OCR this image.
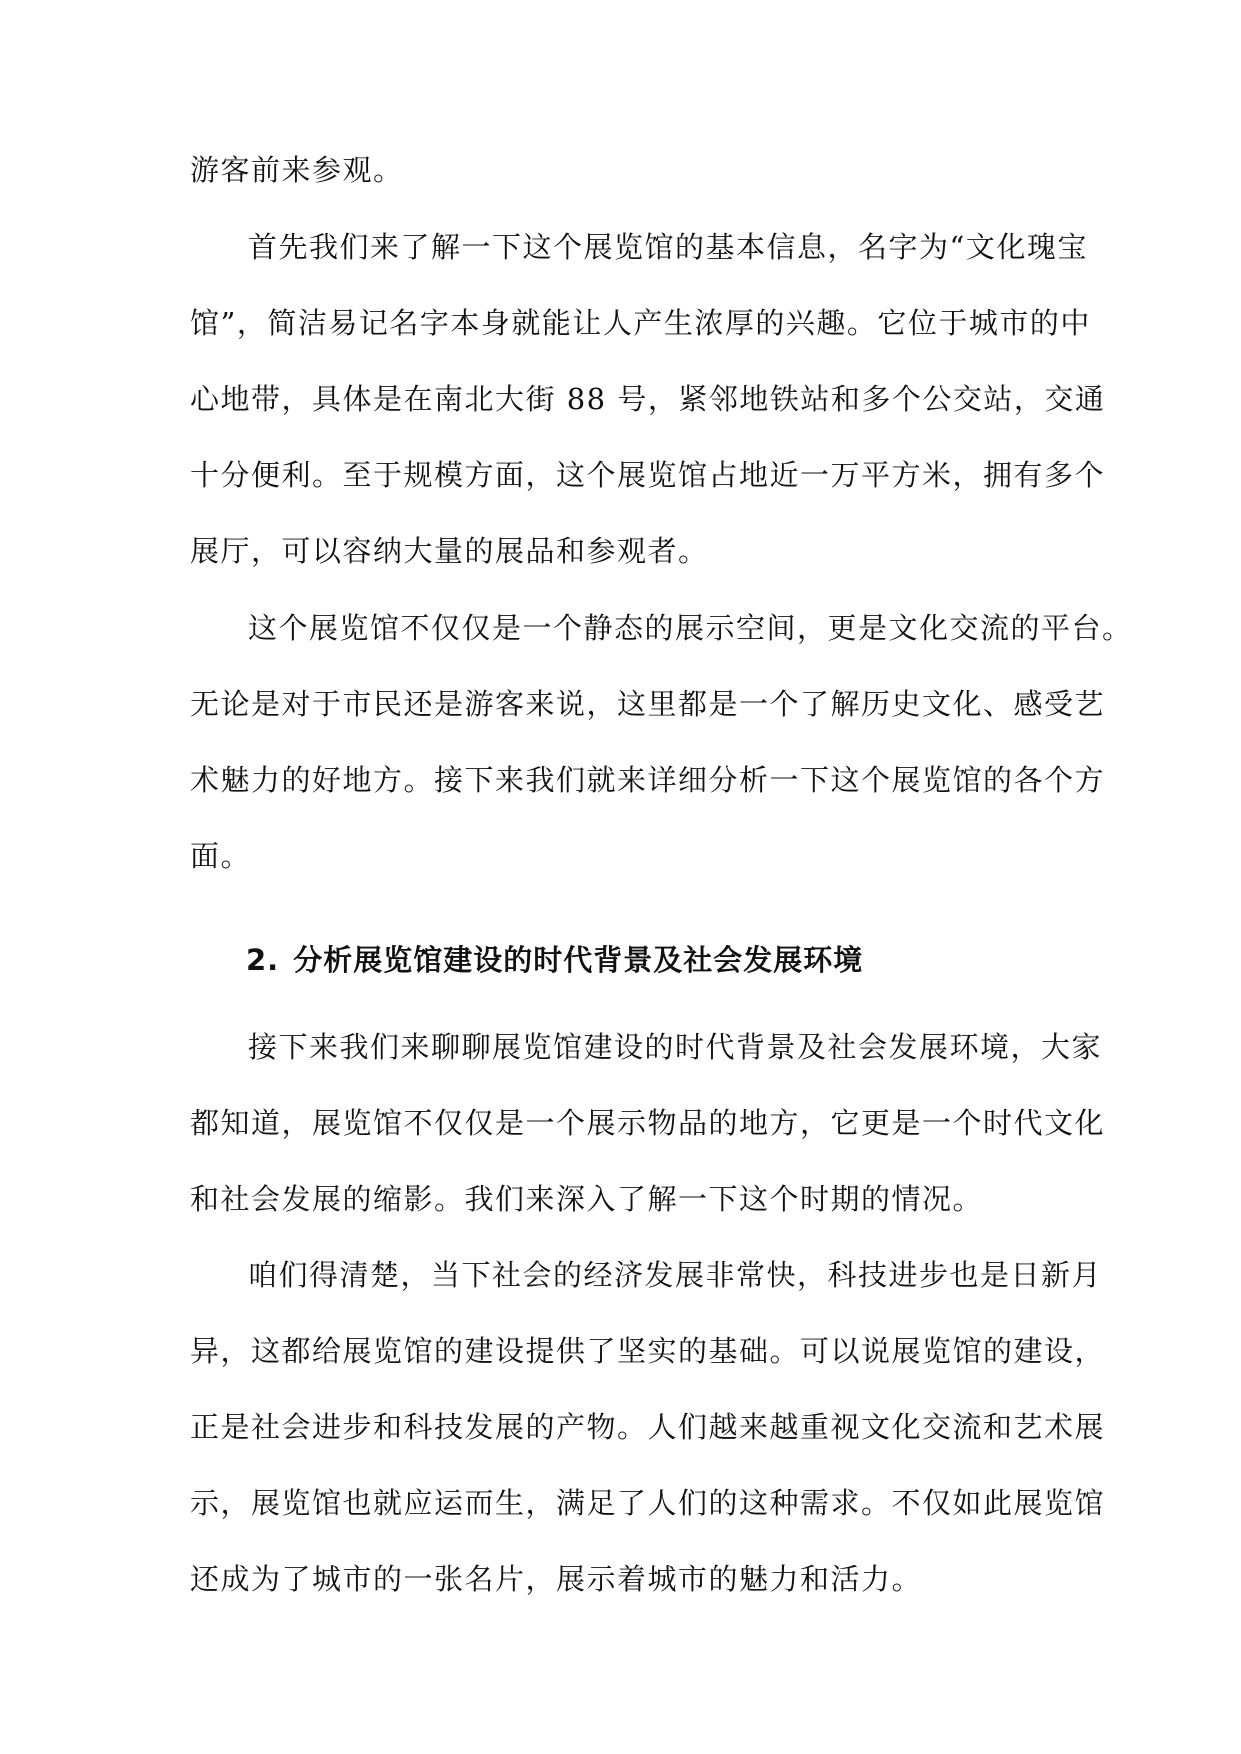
游客前来参观。
首先我们来了解一下这个展览馆的基本信息，名字为“文化瑰宝
馆”，简洁易记名字本身就能让人产生浓厚的兴趣。它位于城市的中
心地带，具体是在南北大街 88 号，紧邻地铁站和多个公交站，交通
十分便利。至于规模方面，这个展览馆占地近一万平方米，拥有多个
展厅，可以容纳大量的展品和参观者。
这个展览馆不仅仅是一个静态的展示空间，更是文化交流的平台。
无论是对于市民还是游客来说，这里都是一个了解历史文化、感受艺
术魅力的好地方。接下来我们就来详细分析一下这个展览馆的各个方
面。
2. 分析展览馆建设的时代背景及社会发展环境
接下来我们来聊聊展览馆建设的时代背景及社会发展环境，大家
都知道，展览馆不仅仅是一个展示物品的地方，它更是一个时代文化
和社会发展的缩影。我们来深入了解一下这个时期的情况。
咱们得清楚，当下社会的经济发展非常快，科技进步也是日新月
异，这都给展览馆的建设提供了坚实的基础。可以说展览馆的建设，
正是社会进步和科技发展的产物。人们越来越重视文化交流和艺术展
示，展览馆也就应运而生，满足了人们的这种需求。不仅如此展览馆
还成为了城市的一张名片，展示着城市的魅力和活力。
